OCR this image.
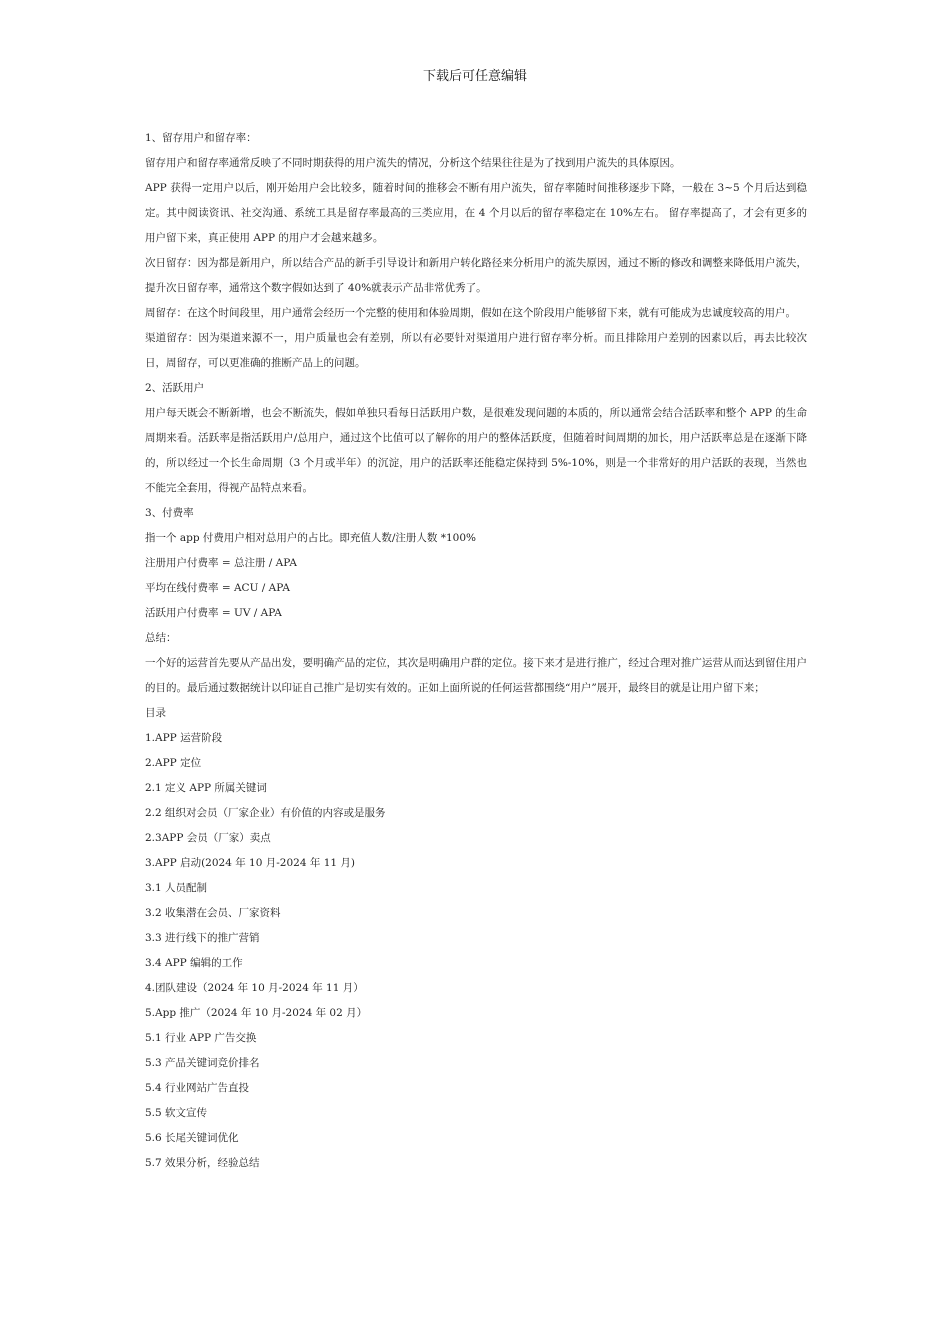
下载后可任意编辑

1、留存用户和留存率：

留存用户和留存率通常反映了不同时期获得的用户流失的情况，分析这个结果往往是为了找到用户流失的具体原因。

APP 获得一定用户以后，刚开始用户会比较多，随着时间的推移会不断有用户流失，留存率随时间推移逐步下降，一般在 3~5 个月后达到稳定。其中阅读资讯、社交沟通、系统工具是留存率最高的三类应用，在 4 个月以后的留存率稳定在 10%左右。 留存率提高了，才会有更多的用户留下来，真正使用 APP 的用户才会越来越多。

次日留存：因为都是新用户，所以结合产品的新手引导设计和新用户转化路径来分析用户的流失原因，通过不断的修改和调整来降低用户流失，提升次日留存率，通常这个数字假如达到了 40%就表示产品非常优秀了。

周留存：在这个时间段里，用户通常会经历一个完整的使用和体验周期，假如在这个阶段用户能够留下来，就有可能成为忠诚度较高的用户。

渠道留存：因为渠道来源不一，用户质量也会有差别，所以有必要针对渠道用户进行留存率分析。而且排除用户差别的因素以后，再去比较次日，周留存，可以更准确的推断产品上的问题。

2、活跃用户

用户每天既会不断新增，也会不断流失，假如单独只看每日活跃用户数，是很难发现问题的本质的，所以通常会结合活跃率和整个 APP 的生命周期来看。活跃率是指活跃用户/总用户，通过这个比值可以了解你的用户的整体活跃度，但随着时间周期的加长，用户活跃率总是在逐渐下降的，所以经过一个长生命周期（3 个月或半年）的沉淀，用户的活跃率还能稳定保持到 5%-10%，则是一个非常好的用户活跃的表现，当然也不能完全套用，得视产品特点来看。

3、付费率

指一个 app 付费用户相对总用户的占比。即充值人数/注册人数 *100%

注册用户付费率 = 总注册 / APA

平均在线付费率 = ACU / APA

活跃用户付费率 = UV / APA

总结：

一个好的运营首先要从产品出发，要明确产品的定位，其次是明确用户群的定位。接下来才是进行推广，经过合理对推广运营从而达到留住用户的目的。最后通过数据统计以印证自己推广是切实有效的。正如上面所说的任何运营都围绕“用户”展开，最终目的就是让用户留下来；

目录

1.APP 运营阶段

2.APP 定位

2.1 定义 APP 所属关键词

2.2 组织对会员（厂家企业）有价值的内容或是服务

2.3APP 会员（厂家）卖点

3.APP 启动(2024 年 10 月-2024 年 11 月)

3.1 人员配制

3.2 收集潜在会员、厂家资料

3.3 进行线下的推广营销

3.4 APP 编辑的工作

4.团队建设（2024 年 10 月-2024 年 11 月）

5.App 推广（2024 年 10 月-2024 年 02 月）

5.1 行业 APP 广告交换

5.3 产品关键词竞价排名

5.4 行业网站广告直投

5.5 软文宣传

5.6 长尾关键词优化

5.7 效果分析，经验总结
